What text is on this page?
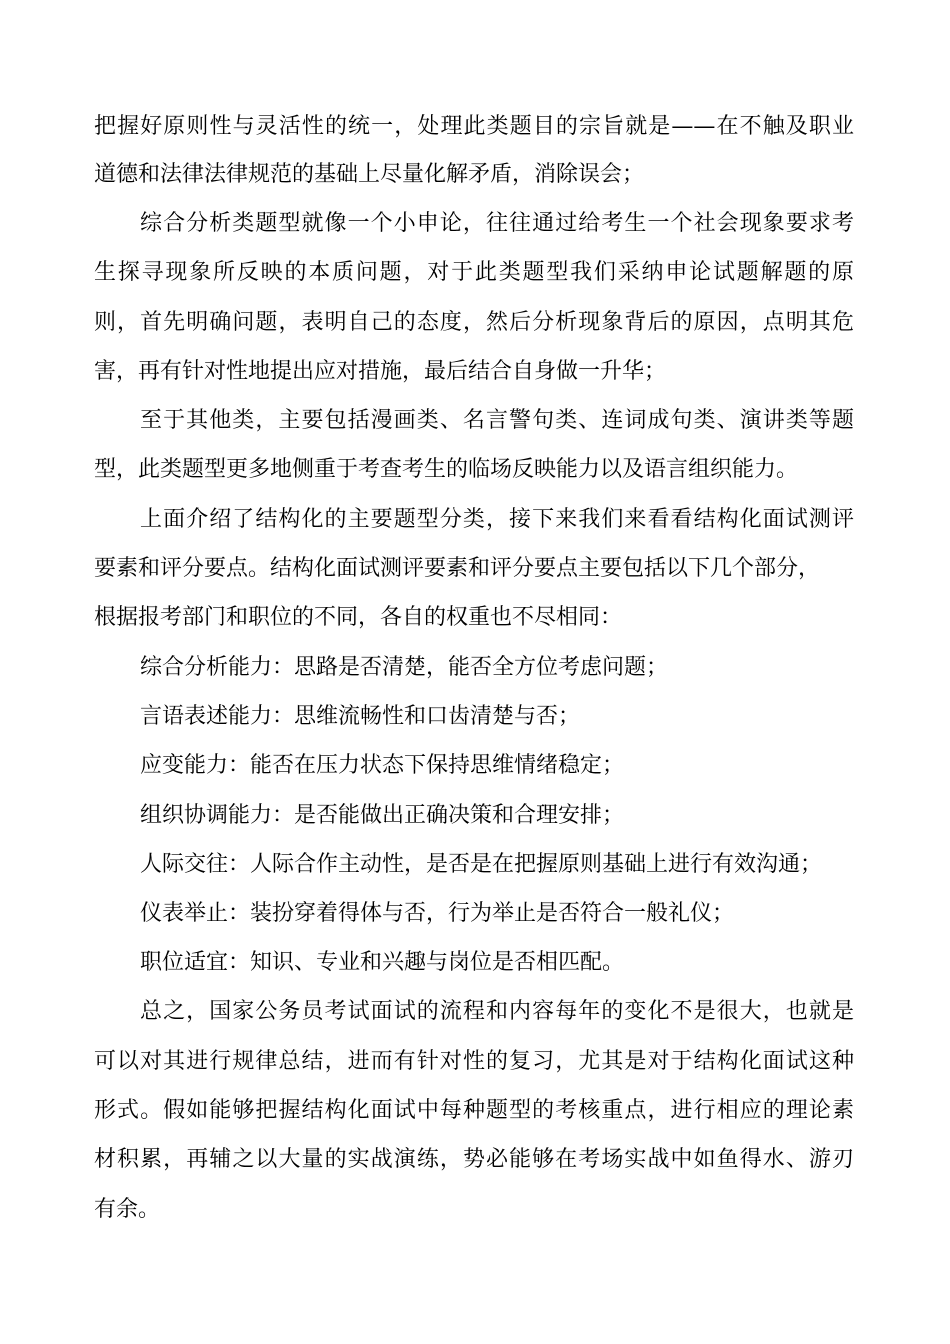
把握好原则性与灵活性的统一，处理此类题目的宗旨就是——在不触及职业

道德和法律法律规范的基础上尽量化解矛盾，消除误会；

综合分析类题型就像一个小申论，往往通过给考生一个社会现象要求考

生探寻现象所反映的本质问题，对于此类题型我们采纳申论试题解题的原

则，首先明确问题，表明自己的态度，然后分析现象背后的原因，点明其危

害，再有针对性地提出应对措施，最后结合自身做一升华；

至于其他类，主要包括漫画类、名言警句类、连词成句类、演讲类等题

型，此类题型更多地侧重于考查考生的临场反映能力以及语言组织能力。

上面介绍了结构化的主要题型分类，接下来我们来看看结构化面试测评

要素和评分要点。结构化面试测评要素和评分要点主要包括以下几个部分，

根据报考部门和职位的不同，各自的权重也不尽相同：

综合分析能力：思路是否清楚，能否全方位考虑问题；

言语表述能力：思维流畅性和口齿清楚与否；

应变能力：能否在压力状态下保持思维情绪稳定；

组织协调能力：是否能做出正确决策和合理安排；

人际交往：人际合作主动性，是否是在把握原则基础上进行有效沟通；

仪表举止：装扮穿着得体与否，行为举止是否符合一般礼仪；

职位适宜：知识、专业和兴趣与岗位是否相匹配。

总之，国家公务员考试面试的流程和内容每年的变化不是很大，也就是

可以对其进行规律总结，进而有针对性的复习，尤其是对于结构化面试这种

形式。假如能够把握结构化面试中每种题型的考核重点，进行相应的理论素

材积累，再辅之以大量的实战演练，势必能够在考场实战中如鱼得水、游刃

有余。
